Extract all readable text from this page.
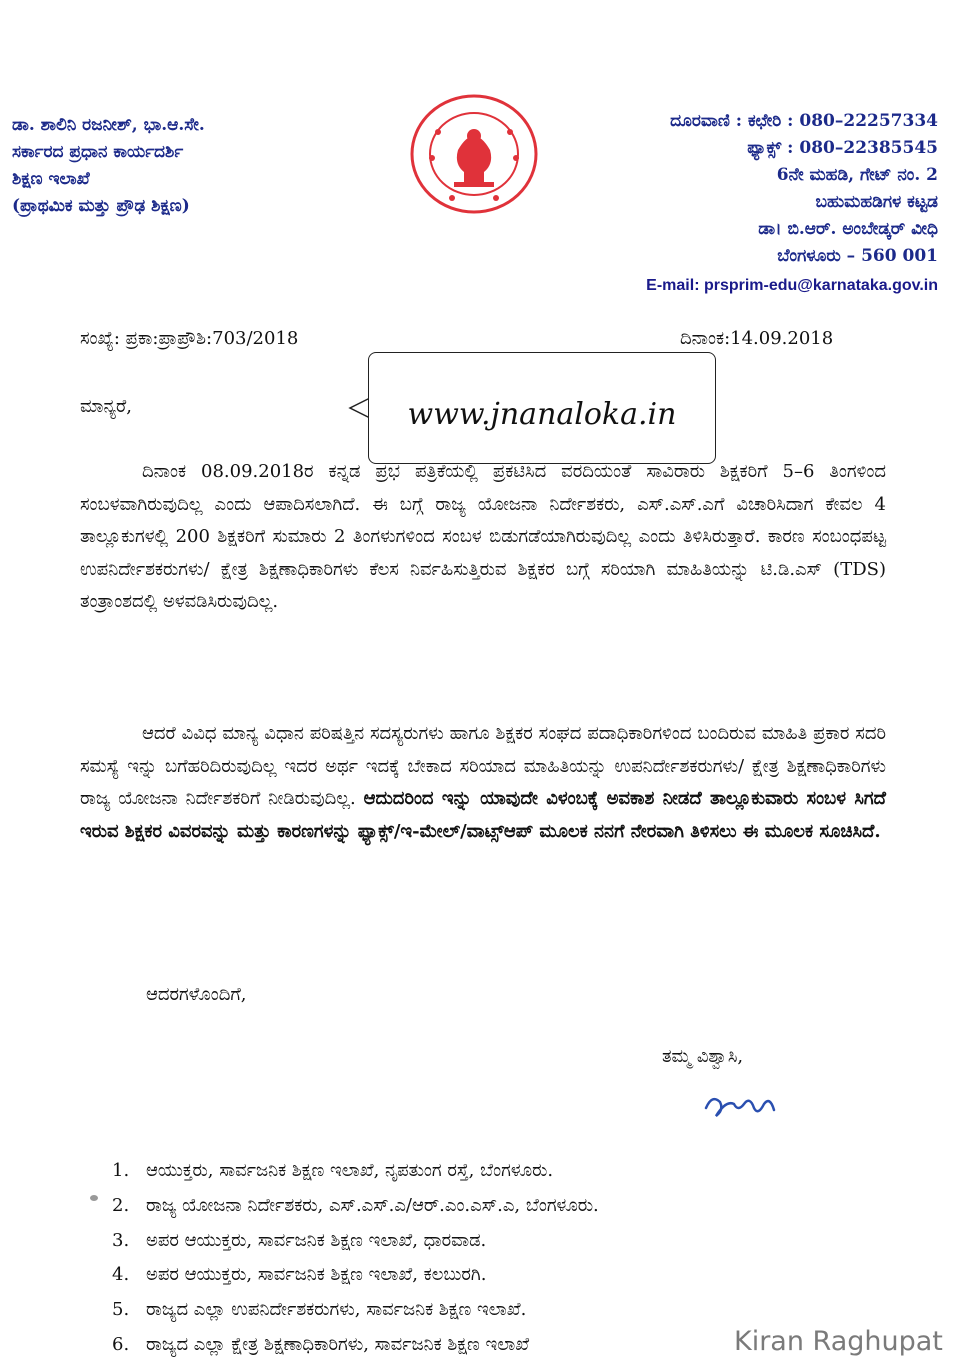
ಡಾ. ಶಾಲಿನಿ ರಜನೀಶ್, ಭಾ.ಆ.ಸೇ.
ಸರ್ಕಾರದ ಪ್ರಧಾನ ಕಾರ್ಯದರ್ಶಿ
ಶಿಕ್ಷಣ ಇಲಾಖೆ
(ಪ್ರಾಥಮಿಕ ಮತ್ತು ಪ್ರೌಢ ಶಿಕ್ಷಣ)
ದೂರವಾಣಿ : ಕಛೇರಿ : 080–22257334
ಫ್ಯಾಕ್ಸ್ : 080–22385545
6ನೇ ಮಹಡಿ, ಗೇಟ್ ನಂ. 2
ಬಹುಮಹಡಿಗಳ ಕಟ್ಟಡ
ಡಾ। ಬಿ.ಆರ್. ಅಂಬೇಡ್ಕರ್ ವೀಧಿ
ಬೆಂಗಳೂರು – 560 001
E-mail: prsprim-edu@karnataka.gov.in
ಸಂಖ್ಯೆ: ಪ್ರಕಾ:ಪ್ರಾಪ್ರೌಶಿ:703/2018	ದಿನಾಂಕ:14.09.2018
ಮಾನ್ಯರೆ,	www.jnanaloka.in
ದಿನಾಂಕ 08.09.2018ರ ಕನ್ನಡ ಪ್ರಭ ಪತ್ರಿಕೆಯಲ್ಲಿ ಪ್ರಕಟಿಸಿದ ವರದಿಯಂತೆ ಸಾವಿರಾರು ಶಿಕ್ಷಕರಿಗೆ 5–6 ತಿಂಗಳಿಂದ ಸಂಬಳವಾಗಿರುವುದಿಲ್ಲ ಎಂದು ಆಪಾದಿಸಲಾಗಿದೆ. ಈ ಬಗ್ಗೆ ರಾಜ್ಯ ಯೋಜನಾ ನಿರ್ದೇಶಕರು, ಎಸ್.ಎಸ್.ಎಗೆ ವಿಚಾರಿಸಿದಾಗ ಕೇವಲ 4 ತಾಲ್ಲೂಕುಗಳಲ್ಲಿ 200 ಶಿಕ್ಷಕರಿಗೆ ಸುಮಾರು 2 ತಿಂಗಳುಗಳಿಂದ ಸಂಬಳ ಬಿಡುಗಡೆಯಾಗಿರುವುದಿಲ್ಲ ಎಂದು ತಿಳಿಸಿರುತ್ತಾರೆ. ಕಾರಣ ಸಂಬಂಧಪಟ್ಟ ಉಪನಿರ್ದೇಶಕರುಗಳು/ ಕ್ಷೇತ್ರ ಶಿಕ್ಷಣಾಧಿಕಾರಿಗಳು ಕೆಲಸ ನಿರ್ವಹಿಸುತ್ತಿರುವ ಶಿಕ್ಷಕರ ಬಗ್ಗೆ ಸರಿಯಾಗಿ ಮಾಹಿತಿಯನ್ನು ಟಿ.ಡಿ.ಎಸ್ (TDS) ತಂತ್ರಾಂಶದಲ್ಲಿ ಅಳವಡಿಸಿರುವುದಿಲ್ಲ.
ಆದರೆ ವಿವಿಧ ಮಾನ್ಯ ವಿಧಾನ ಪರಿಷತ್ತಿನ ಸದಸ್ಯರುಗಳು ಹಾಗೂ ಶಿಕ್ಷಕರ ಸಂಘದ ಪದಾಧಿಕಾರಿಗಳಿಂದ ಬಂದಿರುವ ಮಾಹಿತಿ ಪ್ರಕಾರ ಸದರಿ ಸಮಸ್ಯೆ ಇನ್ನು ಬಗೆಹರಿದಿರುವುದಿಲ್ಲ ಇದರ ಅರ್ಥ ಇದಕ್ಕೆ ಬೇಕಾದ ಸರಿಯಾದ ಮಾಹಿತಿಯನ್ನು ಉಪನಿರ್ದೇಶಕರುಗಳು/ ಕ್ಷೇತ್ರ ಶಿಕ್ಷಣಾಧಿಕಾರಿಗಳು ರಾಜ್ಯ ಯೋಜನಾ ನಿರ್ದೇಶಕರಿಗೆ ನೀಡಿರುವುದಿಲ್ಲ. ಆದುದರಿಂದ ಇನ್ನು ಯಾವುದೇ ವಿಳಂಬಕ್ಕೆ ಅವಕಾಶ ನೀಡದೆ ತಾಲ್ಲೂಕುವಾರು ಸಂಬಳ ಸಿಗದೆ ಇರುವ ಶಿಕ್ಷಕರ ವಿವರವನ್ನು ಮತ್ತು ಕಾರಣಗಳನ್ನು ಫ್ಯಾಕ್ಸ್/ಇ-ಮೇಲ್/ವಾಟ್ಸ್‌ಆಪ್ ಮೂಲಕ ನನಗೆ ನೇರವಾಗಿ ತಿಳಿಸಲು ಈ ಮೂಲಕ ಸೂಚಿಸಿದೆ.
ಆದರಗಳೊಂದಿಗೆ,
ತಮ್ಮ ವಿಶ್ವಾಸಿ,
1. ಆಯುಕ್ತರು, ಸಾರ್ವಜನಿಕ ಶಿಕ್ಷಣ ಇಲಾಖೆ, ನೃಪತುಂಗ ರಸ್ತೆ, ಬೆಂಗಳೂರು.
2. ರಾಜ್ಯ ಯೋಜನಾ ನಿರ್ದೇಶಕರು, ಎಸ್.ಎಸ್.ಎ/ಆರ್.ಎಂ.ಎಸ್.ಎ, ಬೆಂಗಳೂರು.
3. ಅಪರ ಆಯುಕ್ತರು, ಸಾರ್ವಜನಿಕ ಶಿಕ್ಷಣ ಇಲಾಖೆ, ಧಾರವಾಡ.
4. ಅಪರ ಆಯುಕ್ತರು, ಸಾರ್ವಜನಿಕ ಶಿಕ್ಷಣ ಇಲಾಖೆ, ಕಲಬುರಗಿ.
5. ರಾಜ್ಯದ ಎಲ್ಲಾ ಉಪನಿರ್ದೇಶಕರುಗಳು, ಸಾರ್ವಜನಿಕ ಶಿಕ್ಷಣ ಇಲಾಖೆ.
6. ರಾಜ್ಯದ ಎಲ್ಲಾ ಕ್ಷೇತ್ರ ಶಿಕ್ಷಣಾಧಿಕಾರಿಗಳು, ಸಾರ್ವಜನಿಕ ಶಿಕ್ಷಣ ಇಲಾಖೆ	Kiran Raghupat
